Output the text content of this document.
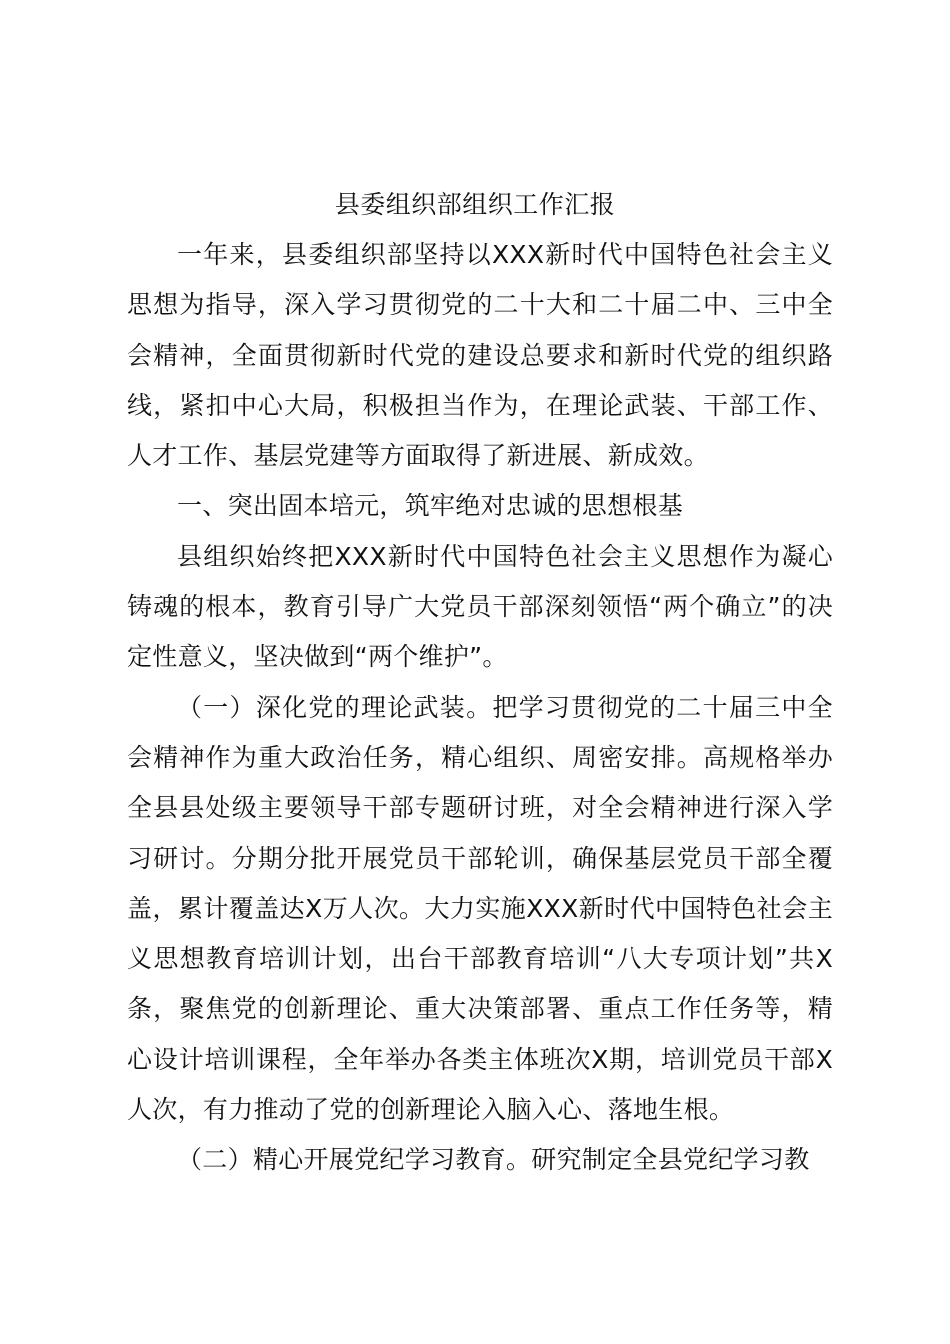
县委组织部组织工作汇报

一年来，县委组织部坚持以XXX新时代中国特色社会主义思想为指导，深入学习贯彻党的二十大和二十届二中、三中全会精神，全面贯彻新时代党的建设总要求和新时代党的组织路线，紧扣中心大局，积极担当作为，在理论武装、干部工作、人才工作、基层党建等方面取得了新进展、新成效。

一、突出固本培元，筑牢绝对忠诚的思想根基

县组织始终把XXX新时代中国特色社会主义思想作为凝心铸魂的根本，教育引导广大党员干部深刻领悟“两个确立”的决定性意义，坚决做到“两个维护”。

（一）深化党的理论武装。把学习贯彻党的二十届三中全会精神作为重大政治任务，精心组织、周密安排。高规格举办全县县处级主要领导干部专题研讨班，对全会精神进行深入学习研讨。分期分批开展党员干部轮训，确保基层党员干部全覆盖，累计覆盖达X万人次。大力实施XXX新时代中国特色社会主义思想教育培训计划，出台干部教育培训“八大专项计划”共X条，聚焦党的创新理论、重大决策部署、重点工作任务等，精心设计培训课程，全年举办各类主体班次X期，培训党员干部X人次，有力推动了党的创新理论入脑入心、落地生根。

（二）精心开展党纪学习教育。研究制定全县党纪学习教
